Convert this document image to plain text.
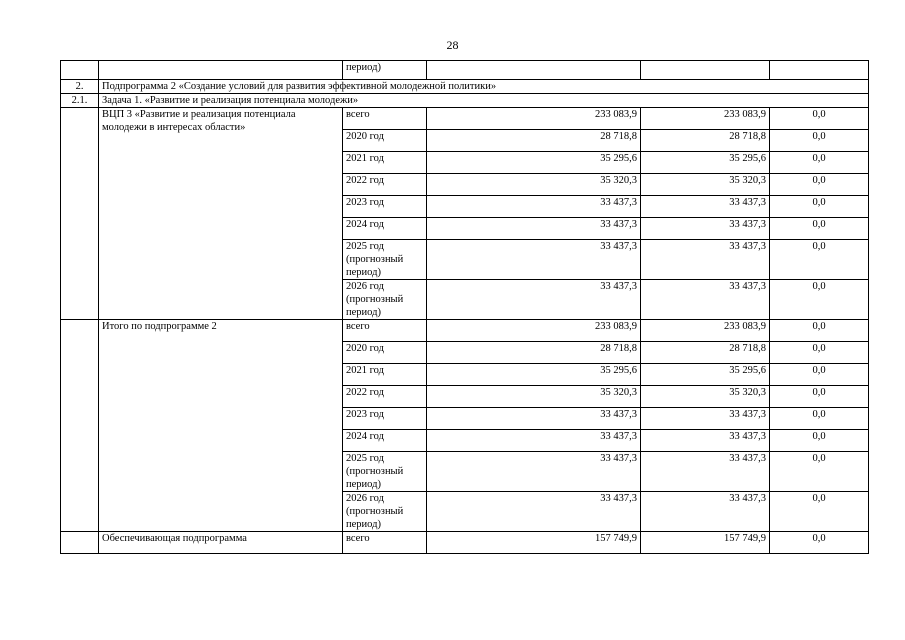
28
		период)			
2.	Подпрограмма 2 «Создание условий для развития эффективной молодежной политики»				
2.1.	Задача 1. «Развитие и реализация потенциала молодежи»				
	ВЦП 3 «Развитие и реализация потенциала молодежи в интересах области»	всего	233 083,9	233 083,9	0,0
		2020 год	28 718,8	28 718,8	0,0
		2021 год	35 295,6	35 295,6	0,0
		2022 год	35 320,3	35 320,3	0,0
		2023 год	33 437,3	33 437,3	0,0
		2024 год	33 437,3	33 437,3	0,0
		2025 год (прогнозный период)	33 437,3	33 437,3	0,0
		2026 год (прогнозный период)	33 437,3	33 437,3	0,0
	Итого по подпрограмме 2	всего	233 083,9	233 083,9	0,0
		2020 год	28 718,8	28 718,8	0,0
		2021 год	35 295,6	35 295,6	0,0
		2022 год	35 320,3	35 320,3	0,0
		2023 год	33 437,3	33 437,3	0,0
		2024 год	33 437,3	33 437,3	0,0
		2025 год (прогнозный период)	33 437,3	33 437,3	0,0
		2026 год (прогнозный период)	33 437,3	33 437,3	0,0
	Обеспечивающая подпрограмма	всего	157 749,9	157 749,9	0,0
